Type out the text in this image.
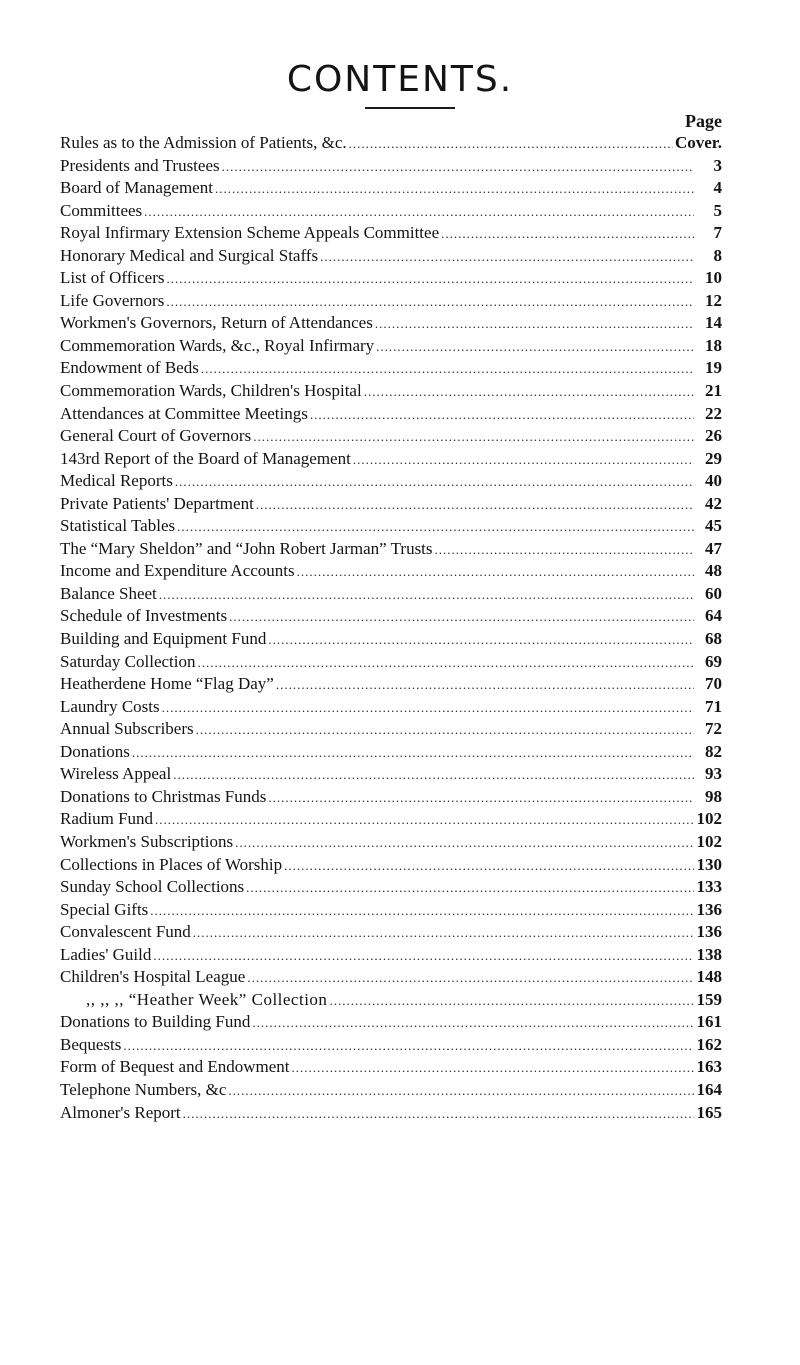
CONTENTS.
Page
Rules as to the Admission of Patients, &c. .....	Cover.
Presidents and Trustees .....	3
Board of Management .....	4
Committees .....	5
Royal Infirmary Extension Scheme Appeals Committee .....	7
Honorary Medical and Surgical Staffs .....	8
List of Officers .....	10
Life Governors .....	12
Workmen's Governors, Return of Attendances .....	14
Commemoration Wards, &c., Royal Infirmary .....	18
Endowment of Beds .....	19
Commemoration Wards, Children's Hospital .....	21
Attendances at Committee Meetings .....	22
General Court of Governors .....	26
143rd Report of the Board of Management .....	29
Medical Reports .....	40
Private Patients' Department .....	42
Statistical Tables .....	45
The “Mary Sheldon” and “John Robert Jarman” Trusts .....	47
Income and Expenditure Accounts .....	48
Balance Sheet .....	60
Schedule of Investments .....	64
Building and Equipment Fund .....	68
Saturday Collection .....	69
Heatherdene Home “Flag Day” .....	70
Laundry Costs .....	71
Annual Subscribers .....	72
Donations .....	82
Wireless Appeal .....	93
Donations to Christmas Funds .....	98
Radium Fund .....	102
Workmen's Subscriptions .....	102
Collections in Places of Worship .....	130
Sunday School Collections .....	133
Special Gifts .....	136
Convalescent Fund .....	136
Ladies' Guild .....	138
Children's Hospital League .....	148
,, ,, ,, “Heather Week” Collection .....	159
Donations to Building Fund .....	161
Bequests .....	162
Form of Bequest and Endowment .....	163
Telephone Numbers, &c .....	164
Almoner's Report .....	165
